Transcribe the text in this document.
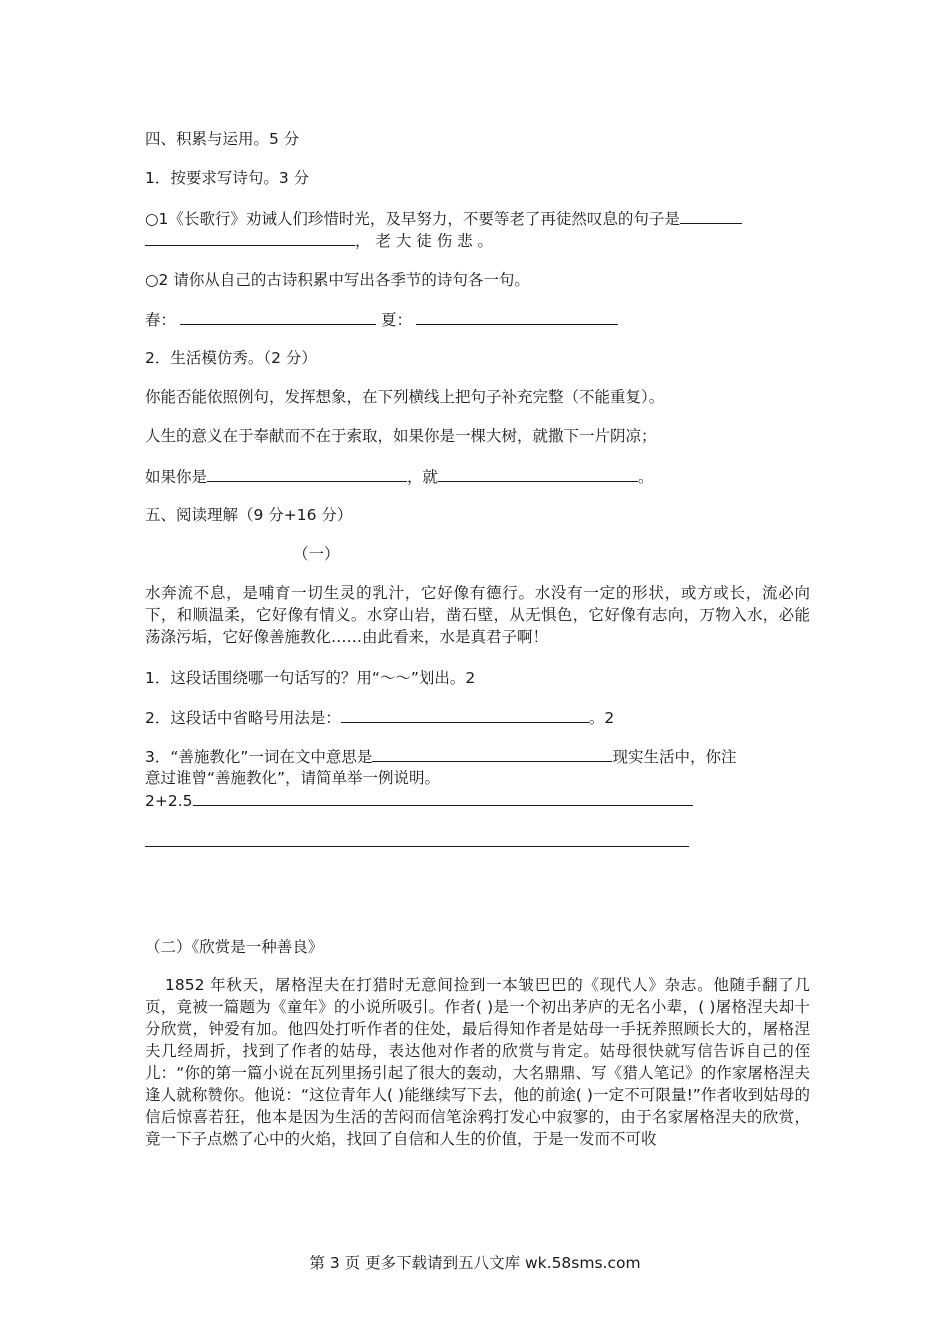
四、积累与运用。5 分
1．按要求写诗句。3 分
○1《长歌行》劝诫人们珍惜时光，及早努力，不要等老了再徒然叹息的句子是
， 老 大 徒 伤 悲 。
○2 请你从自己的古诗积累中写出各季节的诗句各一句。
春：	夏：
2．生活模仿秀。（2 分）
你能否能依照例句，发挥想象，在下列横线上把句子补充完整（不能重复）。
人生的意义在于奉献而不在于索取，如果你是一棵大树，就撒下一片阴凉；
如果你是	，就	。
五、阅读理解（9 分+16 分）
（一）
水奔流不息，是哺育一切生灵的乳汁，它好像有德行。水没有一定的形状，或方或长，流必向下，和顺温柔，它好像有情义。水穿山岩，凿石壁，从无惧色，它好像有志向，万物入水，必能荡涤污垢，它好像善施教化……由此看来，水是真君子啊！
1．这段话围绕哪一句话写的？用“～～”划出。2
2．这段话中省略号用法是：	。2
3．“善施教化”一词在文中意思是	现实生活中，你注
意过谁曾“善施教化”，请简单举一例说明。
2+2.5
（二）《欣赏是一种善良》
1852 年秋天，屠格涅夫在打猎时无意间捡到一本皱巴巴的《现代人》杂志。他随手翻了几页，竟被一篇题为《童年》的小说所吸引。作者( )是一个初出茅庐的无名小辈，( )屠格涅夫却十分欣赏，钟爱有加。他四处打听作者的住处，最后得知作者是姑母一手抚养照顾长大的，屠格涅夫几经周折，找到了作者的姑母，表达他对作者的欣赏与肯定。姑母很快就写信告诉自己的侄儿：“你的第一篇小说在瓦列里扬引起了很大的轰动，大名鼎鼎、写《猎人笔记》的作家屠格涅夫逢人就称赞你。他说：“这位青年人( )能继续写下去，他的前途( )一定不可限量!”作者收到姑母的信后惊喜若狂，他本是因为生活的苦闷而信笔涂鸦打发心中寂寥的，由于名家屠格涅夫的欣赏，竟一下子点燃了心中的火焰，找回了自信和人生的价值，于是一发而不可收
第 3 页 更多下载请到五八文库 wk.58sms.com
